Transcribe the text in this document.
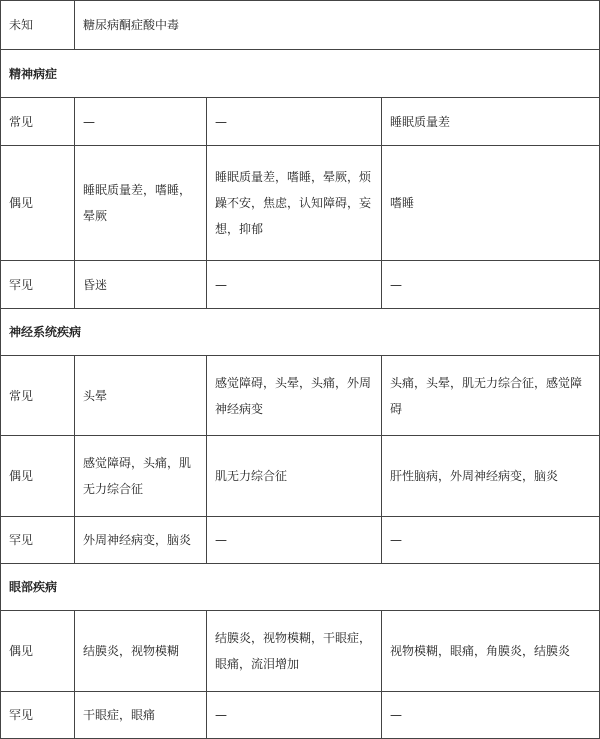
未知	糖尿病酮症酸中毒		
精神病症			
常见	—	—	睡眠质量差
偶见	睡眠质量差，嗜睡，晕厥	睡眠质量差，嗜睡，晕厥，烦躁不安，焦虑，认知障碍，妄想，抑郁	嗜睡
罕见	昏迷	—	—
神经系统疾病			
常见	头晕	感觉障碍，头晕，头痛，外周神经病变	头痛，头晕，肌无力综合征，感觉障碍
偶见	感觉障碍，头痛，肌无力综合征	肌无力综合征	肝性脑病，外周神经病变，脑炎
罕见	外周神经病变，脑炎	—	—
眼部疾病			
偶见	结膜炎，视物模糊	结膜炎，视物模糊，干眼症，眼痛，流泪增加	视物模糊，眼痛，角膜炎，结膜炎
罕见	干眼症，眼痛	—	—
